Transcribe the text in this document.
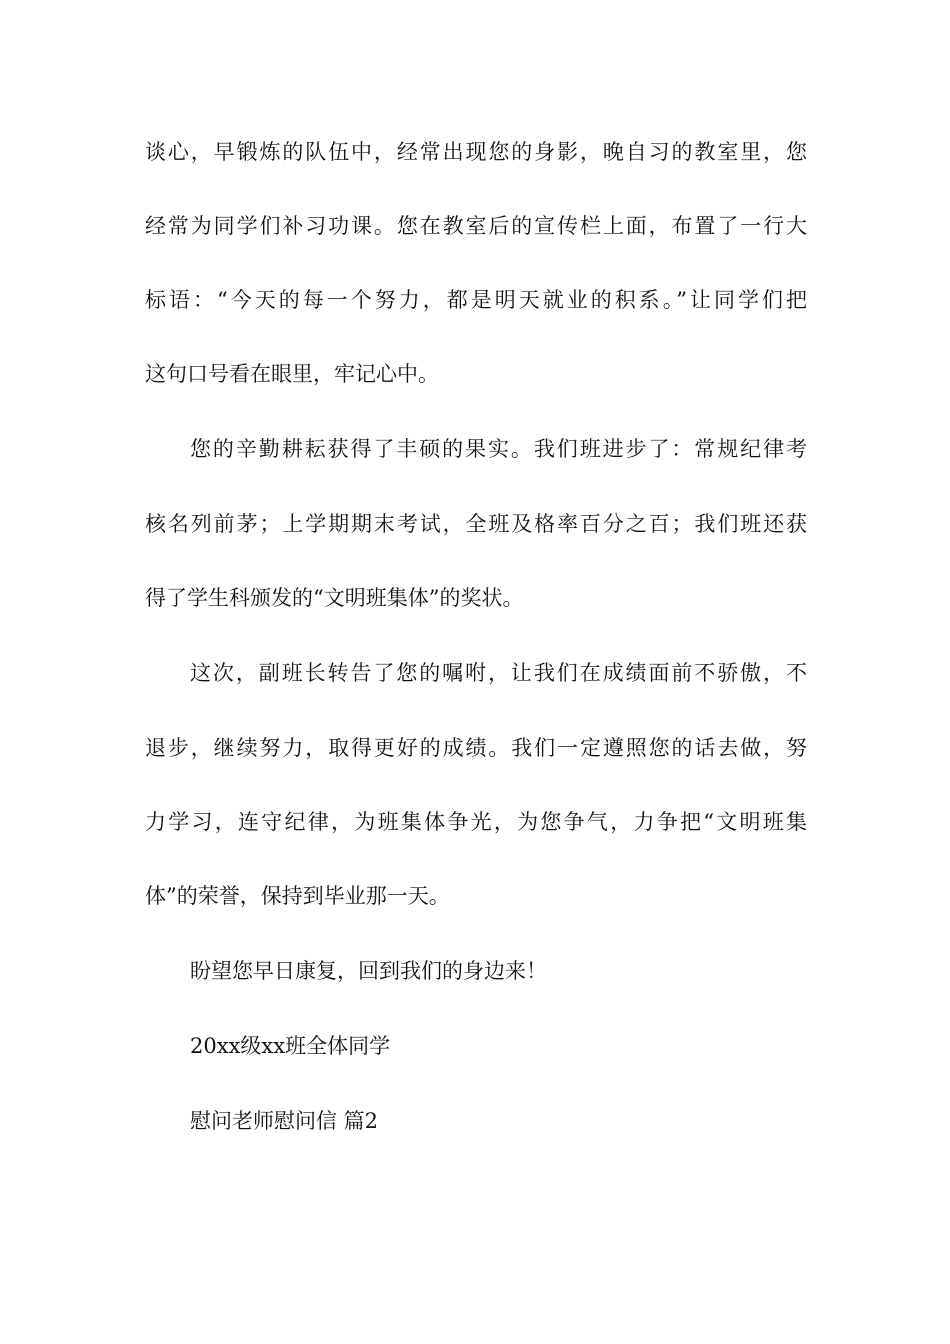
谈心，早锻炼的队伍中，经常出现您的身影，晚自习的教室里，您
经常为同学们补习功课。您在教室后的宣传栏上面，布置了一行大
标语：“今天的每一个努力，都是明天就业的积系。”让同学们把
这句口号看在眼里，牢记心中。
您的辛勤耕耘获得了丰硕的果实。我们班进步了：常规纪律考
核名列前茅；上学期期末考试，全班及格率百分之百；我们班还获
得了学生科颁发的“文明班集体”的奖状。
这次，副班长转告了您的嘱咐，让我们在成绩面前不骄傲，不
退步，继续努力，取得更好的成绩。我们一定遵照您的话去做，努
力学习，连守纪律，为班集体争光，为您争气，力争把“文明班集
体”的荣誉，保持到毕业那一天。
盼望您早日康复，回到我们的身边来！
20xx级xx班全体同学
慰问老师慰问信 篇2
